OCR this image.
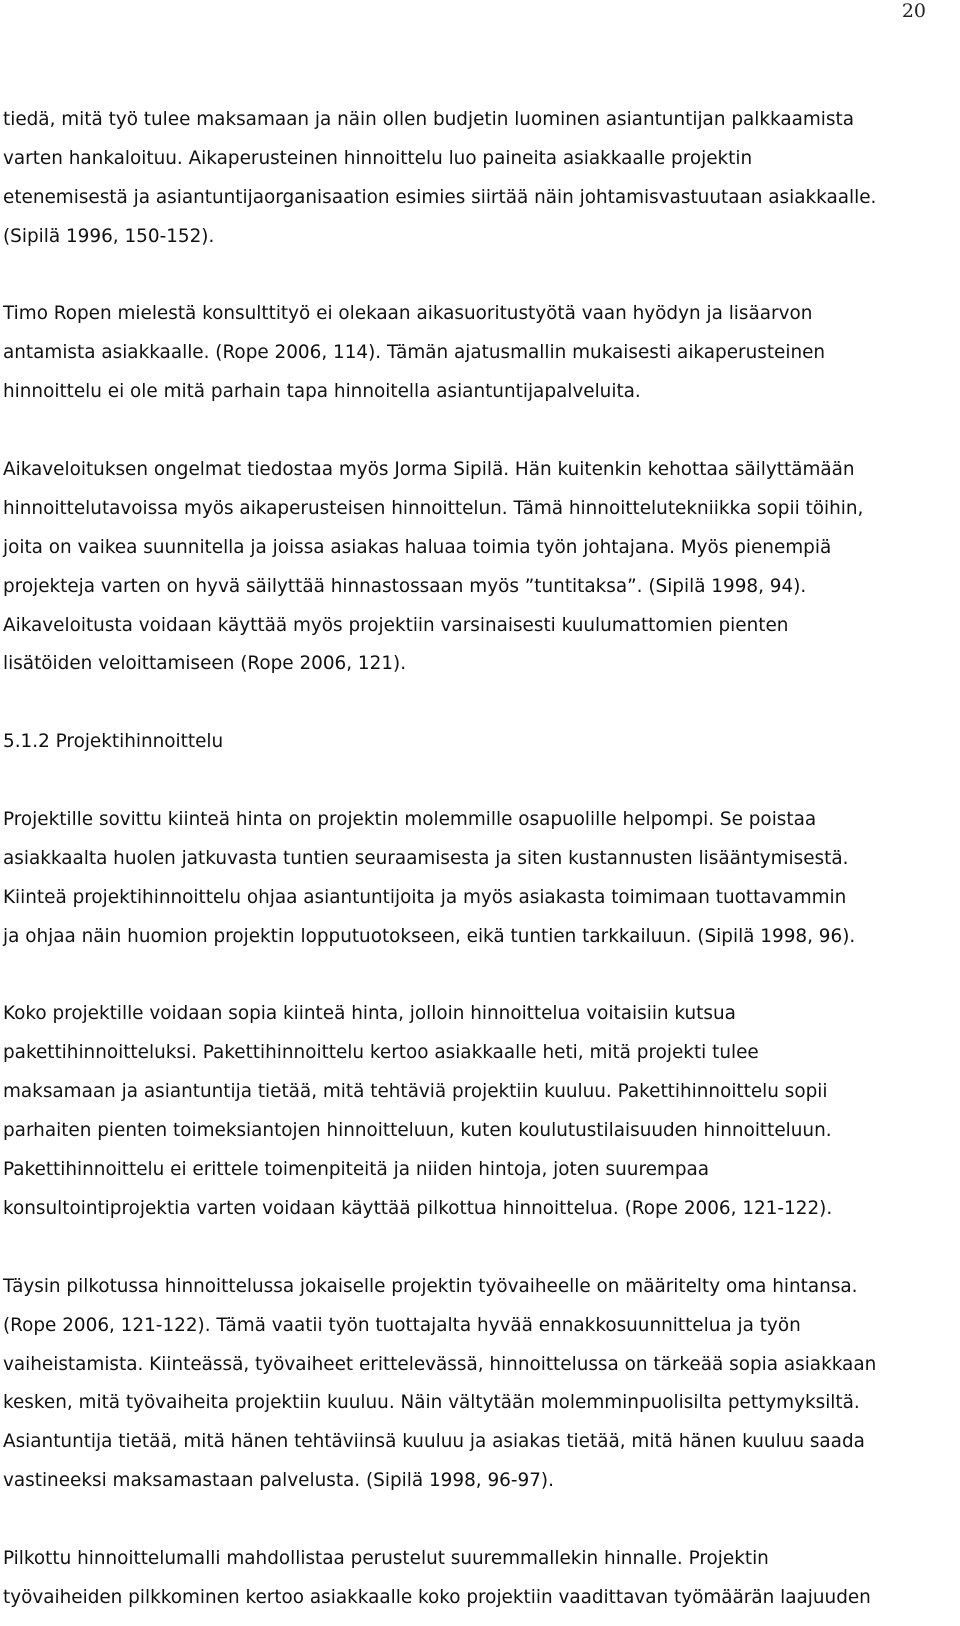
20
tiedä, mitä työ tulee maksamaan ja näin ollen budjetin luominen asiantuntijan palkkaamista
varten hankaloituu. Aikaperusteinen hinnoittelu luo paineita asiakkaalle projektin
etenemisestä ja asiantuntijaorganisaation esimies siirtää näin johtamisvastuutaan asiakkaalle.
(Sipilä 1996, 150-152).
Timo Ropen mielestä konsulttityö ei olekaan aikasuoritustyötä vaan hyödyn ja lisäarvon
antamista asiakkaalle. (Rope 2006, 114). Tämän ajatusmallin mukaisesti aikaperusteinen
hinnoittelu ei ole mitä parhain tapa hinnoitella asiantuntijapalveluita.
Aikaveloituksen ongelmat tiedostaa myös Jorma Sipilä. Hän kuitenkin kehottaa säilyttämään
hinnoittelutavoissa myös aikaperusteisen hinnoittelun. Tämä hinnoittelutekniikka sopii töihin,
joita on vaikea suunnitella ja joissa asiakas haluaa toimia työn johtajana. Myös pienempiä
projekteja varten on hyvä säilyttää hinnastossaan myös ”tuntitaksa”. (Sipilä 1998, 94).
Aikaveloitusta voidaan käyttää myös projektiin varsinaisesti kuulumattomien pienten
lisätöiden veloittamiseen (Rope 2006, 121).
5.1.2 Projektihinnoittelu
Projektille sovittu kiinteä hinta on projektin molemmille osapuolille helpompi. Se poistaa
asiakkaalta huolen jatkuvasta tuntien seuraamisesta ja siten kustannusten lisääntymisestä.
Kiinteä projektihinnoittelu ohjaa asiantuntijoita ja myös asiakasta toimimaan tuottavammin
ja ohjaa näin huomion projektin lopputuotokseen, eikä tuntien tarkkailuun. (Sipilä 1998, 96).
Koko projektille voidaan sopia kiinteä hinta, jolloin hinnoittelua voitaisiin kutsua
pakettihinnoitteluksi. Pakettihinnoittelu kertoo asiakkaalle heti, mitä projekti tulee
maksamaan ja asiantuntija tietää, mitä tehtäviä projektiin kuuluu. Pakettihinnoittelu sopii
parhaiten pienten toimeksiantojen hinnoitteluun, kuten koulutustilaisuuden hinnoitteluun.
Pakettihinnoittelu ei erittele toimenpiteitä ja niiden hintoja, joten suurempaa
konsultointiprojektia varten voidaan käyttää pilkottua hinnoittelua. (Rope 2006, 121-122).
Täysin pilkotussa hinnoittelussa jokaiselle projektin työvaiheelle on määritelty oma hintansa.
(Rope 2006, 121-122). Tämä vaatii työn tuottajalta hyvää ennakkosuunnittelua ja työn
vaiheistamista. Kiinteässä, työvaiheet erittelevässä, hinnoittelussa on tärkeää sopia asiakkaan
kesken, mitä työvaiheita projektiin kuuluu. Näin vältytään molemminpuolisilta pettymyksiltä.
Asiantuntija tietää, mitä hänen tehtäviinsä kuuluu ja asiakas tietää, mitä hänen kuuluu saada
vastineeksi maksamastaan palvelusta. (Sipilä 1998, 96-97).
Pilkottu hinnoittelumalli mahdollistaa perustelut suuremmallekin hinnalle. Projektin
työvaiheiden pilkkominen kertoo asiakkaalle koko projektiin vaadittavan työmäärän laajuuden
